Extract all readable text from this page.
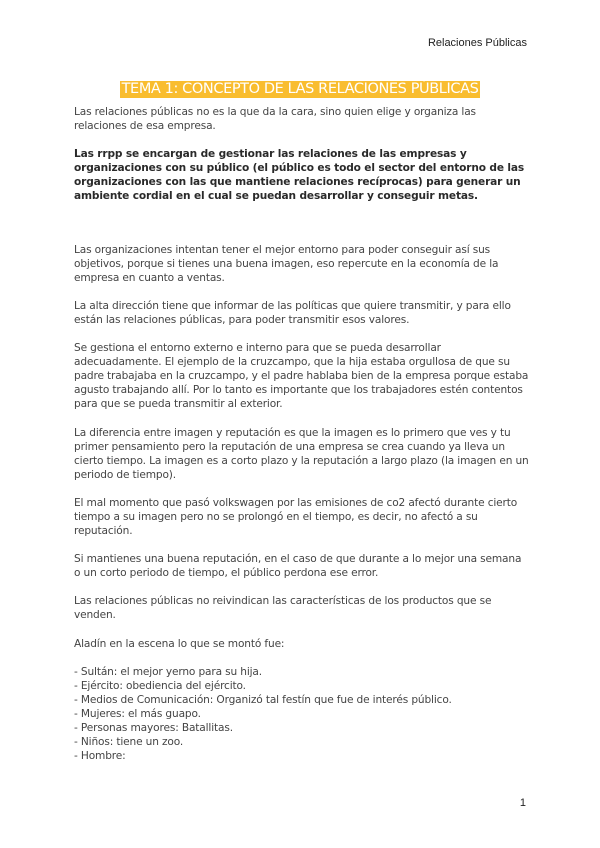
Relaciones Públicas
TEMA 1: CONCEPTO DE LAS RELACIONES PÚBLICAS

Las relaciones públicas no es la que da la cara, sino quien elige y organiza las relaciones de esa empresa.

Las rrpp se encargan de gestionar las relaciones de las empresas y organizaciones con su público (el público es todo el sector del entorno de las organizaciones con las que mantiene relaciones recíprocas) para generar un ambiente cordial en el cual se puedan desarrollar y conseguir metas.

Las organizaciones intentan tener el mejor entorno para poder conseguir así sus objetivos, porque si tienes una buena imagen, eso repercute en la economía de la empresa en cuanto a ventas.

La alta dirección tiene que informar de las políticas que quiere transmitir, y para ello están las relaciones públicas, para poder transmitir esos valores.

Se gestiona el entorno externo e interno para que se pueda desarrollar adecuadamente. El ejemplo de la cruzcampo, que la hija estaba orgullosa de que su padre trabajaba en la cruzcampo, y el padre hablaba bien de la empresa porque estaba agusto trabajando allí. Por lo tanto es importante que los trabajadores estén contentos para que se pueda transmitir al exterior.

La diferencia entre imagen y reputación es que la imagen es lo primero que ves y tu primer pensamiento pero la reputación de una empresa se crea cuando ya lleva un cierto tiempo. La imagen es a corto plazo y la reputación a largo plazo (la imagen en un periodo de tiempo).

El mal momento que pasó volkswagen por las emisiones de co2 afectó durante cierto tiempo a su imagen pero no se prolongó en el tiempo, es decir, no afectó a su reputación.

Si mantienes una buena reputación, en el caso de que durante a lo mejor una semana o un corto periodo de tiempo, el público perdona ese error.

Las relaciones públicas no reivindican las características de los productos que se venden.

Aladín en la escena lo que se montó fue:

- Sultán: el mejor yerno para su hija.
- Ejército: obediencia del ejército.
- Medios de Comunicación: Organizó tal festín que fue de interés público.
- Mujeres: el más guapo.
- Personas mayores: Batallitas.
- Niños: tiene un zoo.
- Hombre:
1
